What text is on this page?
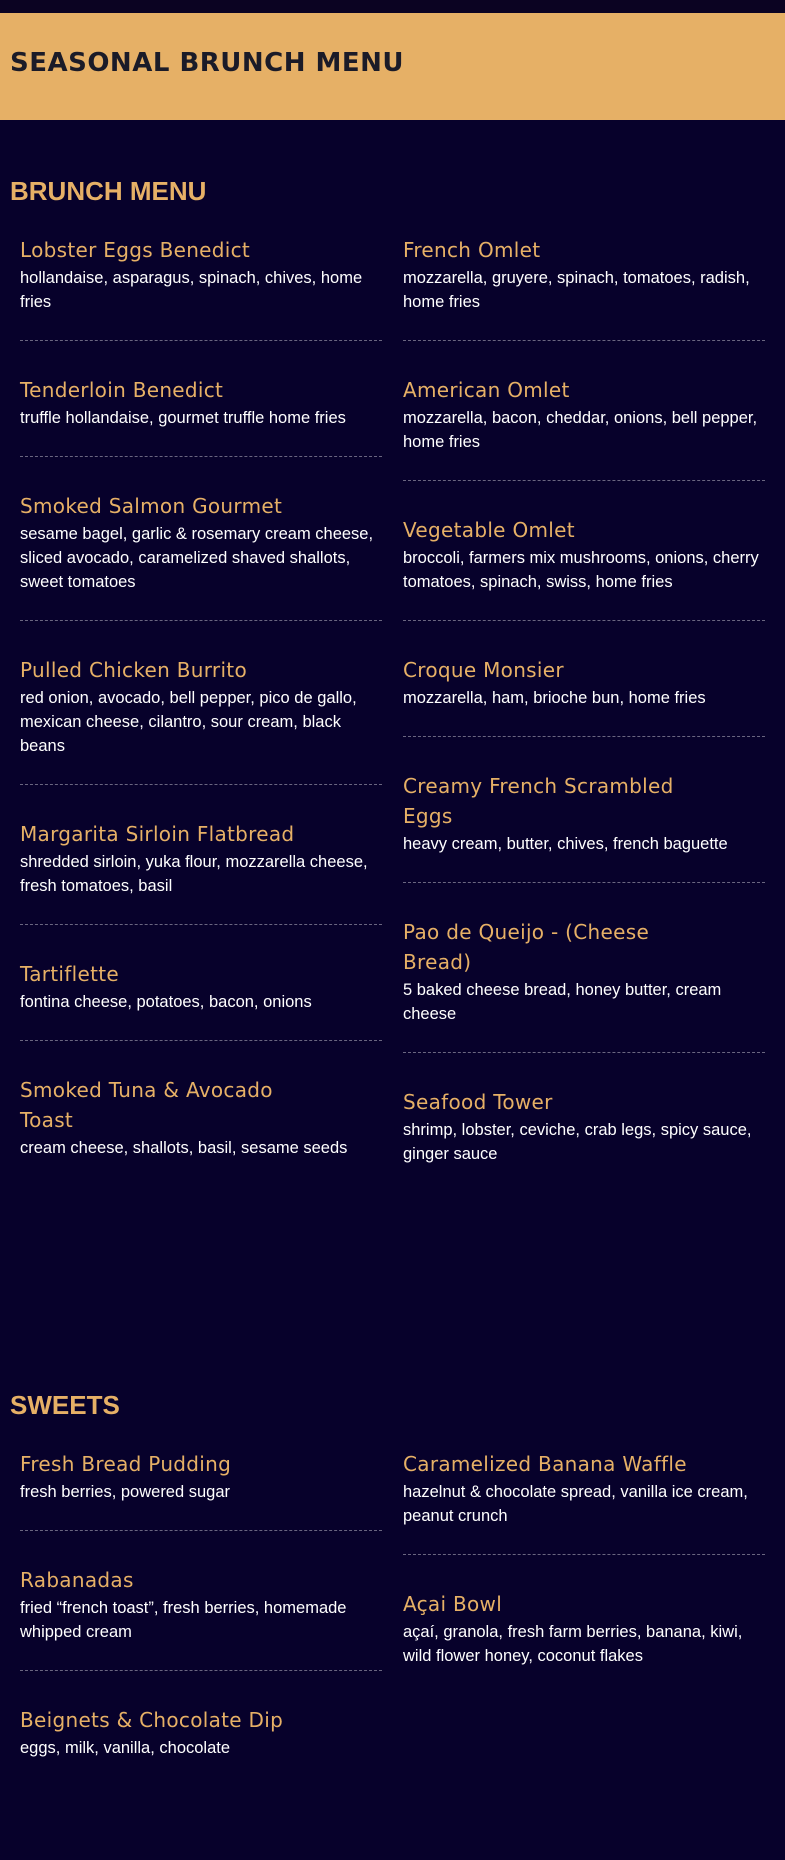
SEASONAL BRUNCH MENU
BRUNCH MENU
Lobster Eggs Benedict
hollandaise, asparagus, spinach, chives, home fries
Tenderloin Benedict
truffle hollandaise, gourmet truffle home fries
Smoked Salmon Gourmet
sesame bagel, garlic & rosemary cream cheese, sliced avocado, caramelized shaved shallots, sweet tomatoes
Pulled Chicken Burrito
red onion, avocado, bell pepper, pico de gallo, mexican cheese, cilantro, sour cream, black beans
Margarita Sirloin Flatbread
shredded sirloin, yuka flour, mozzarella cheese, fresh tomatoes, basil
Tartiflette
fontina cheese, potatoes, bacon, onions
Smoked Tuna & Avocado Toast
cream cheese, shallots, basil, sesame seeds
French Omlet
mozzarella, gruyere, spinach, tomatoes, radish, home fries
American Omlet
mozzarella, bacon, cheddar, onions, bell pepper, home fries
Vegetable Omlet
broccoli, farmers mix mushrooms, onions, cherry tomatoes, spinach, swiss, home fries
Croque Monsier
mozzarella, ham, brioche bun, home fries
Creamy French Scrambled Eggs
heavy cream, butter, chives, french baguette
Pao de Queijo - (Cheese Bread)
5 baked cheese bread, honey butter, cream cheese
Seafood Tower
shrimp, lobster, ceviche, crab legs, spicy sauce, ginger sauce
SWEETS
Fresh Bread Pudding
fresh berries, powered sugar
Rabanadas
fried “french toast”, fresh berries, homemade whipped cream
Beignets & Chocolate Dip
eggs, milk, vanilla, chocolate
Caramelized Banana Waffle
hazelnut & chocolate spread, vanilla ice cream, peanut crunch
Açai Bowl
açaí, granola, fresh farm berries, banana, kiwi, wild flower honey, coconut flakes
